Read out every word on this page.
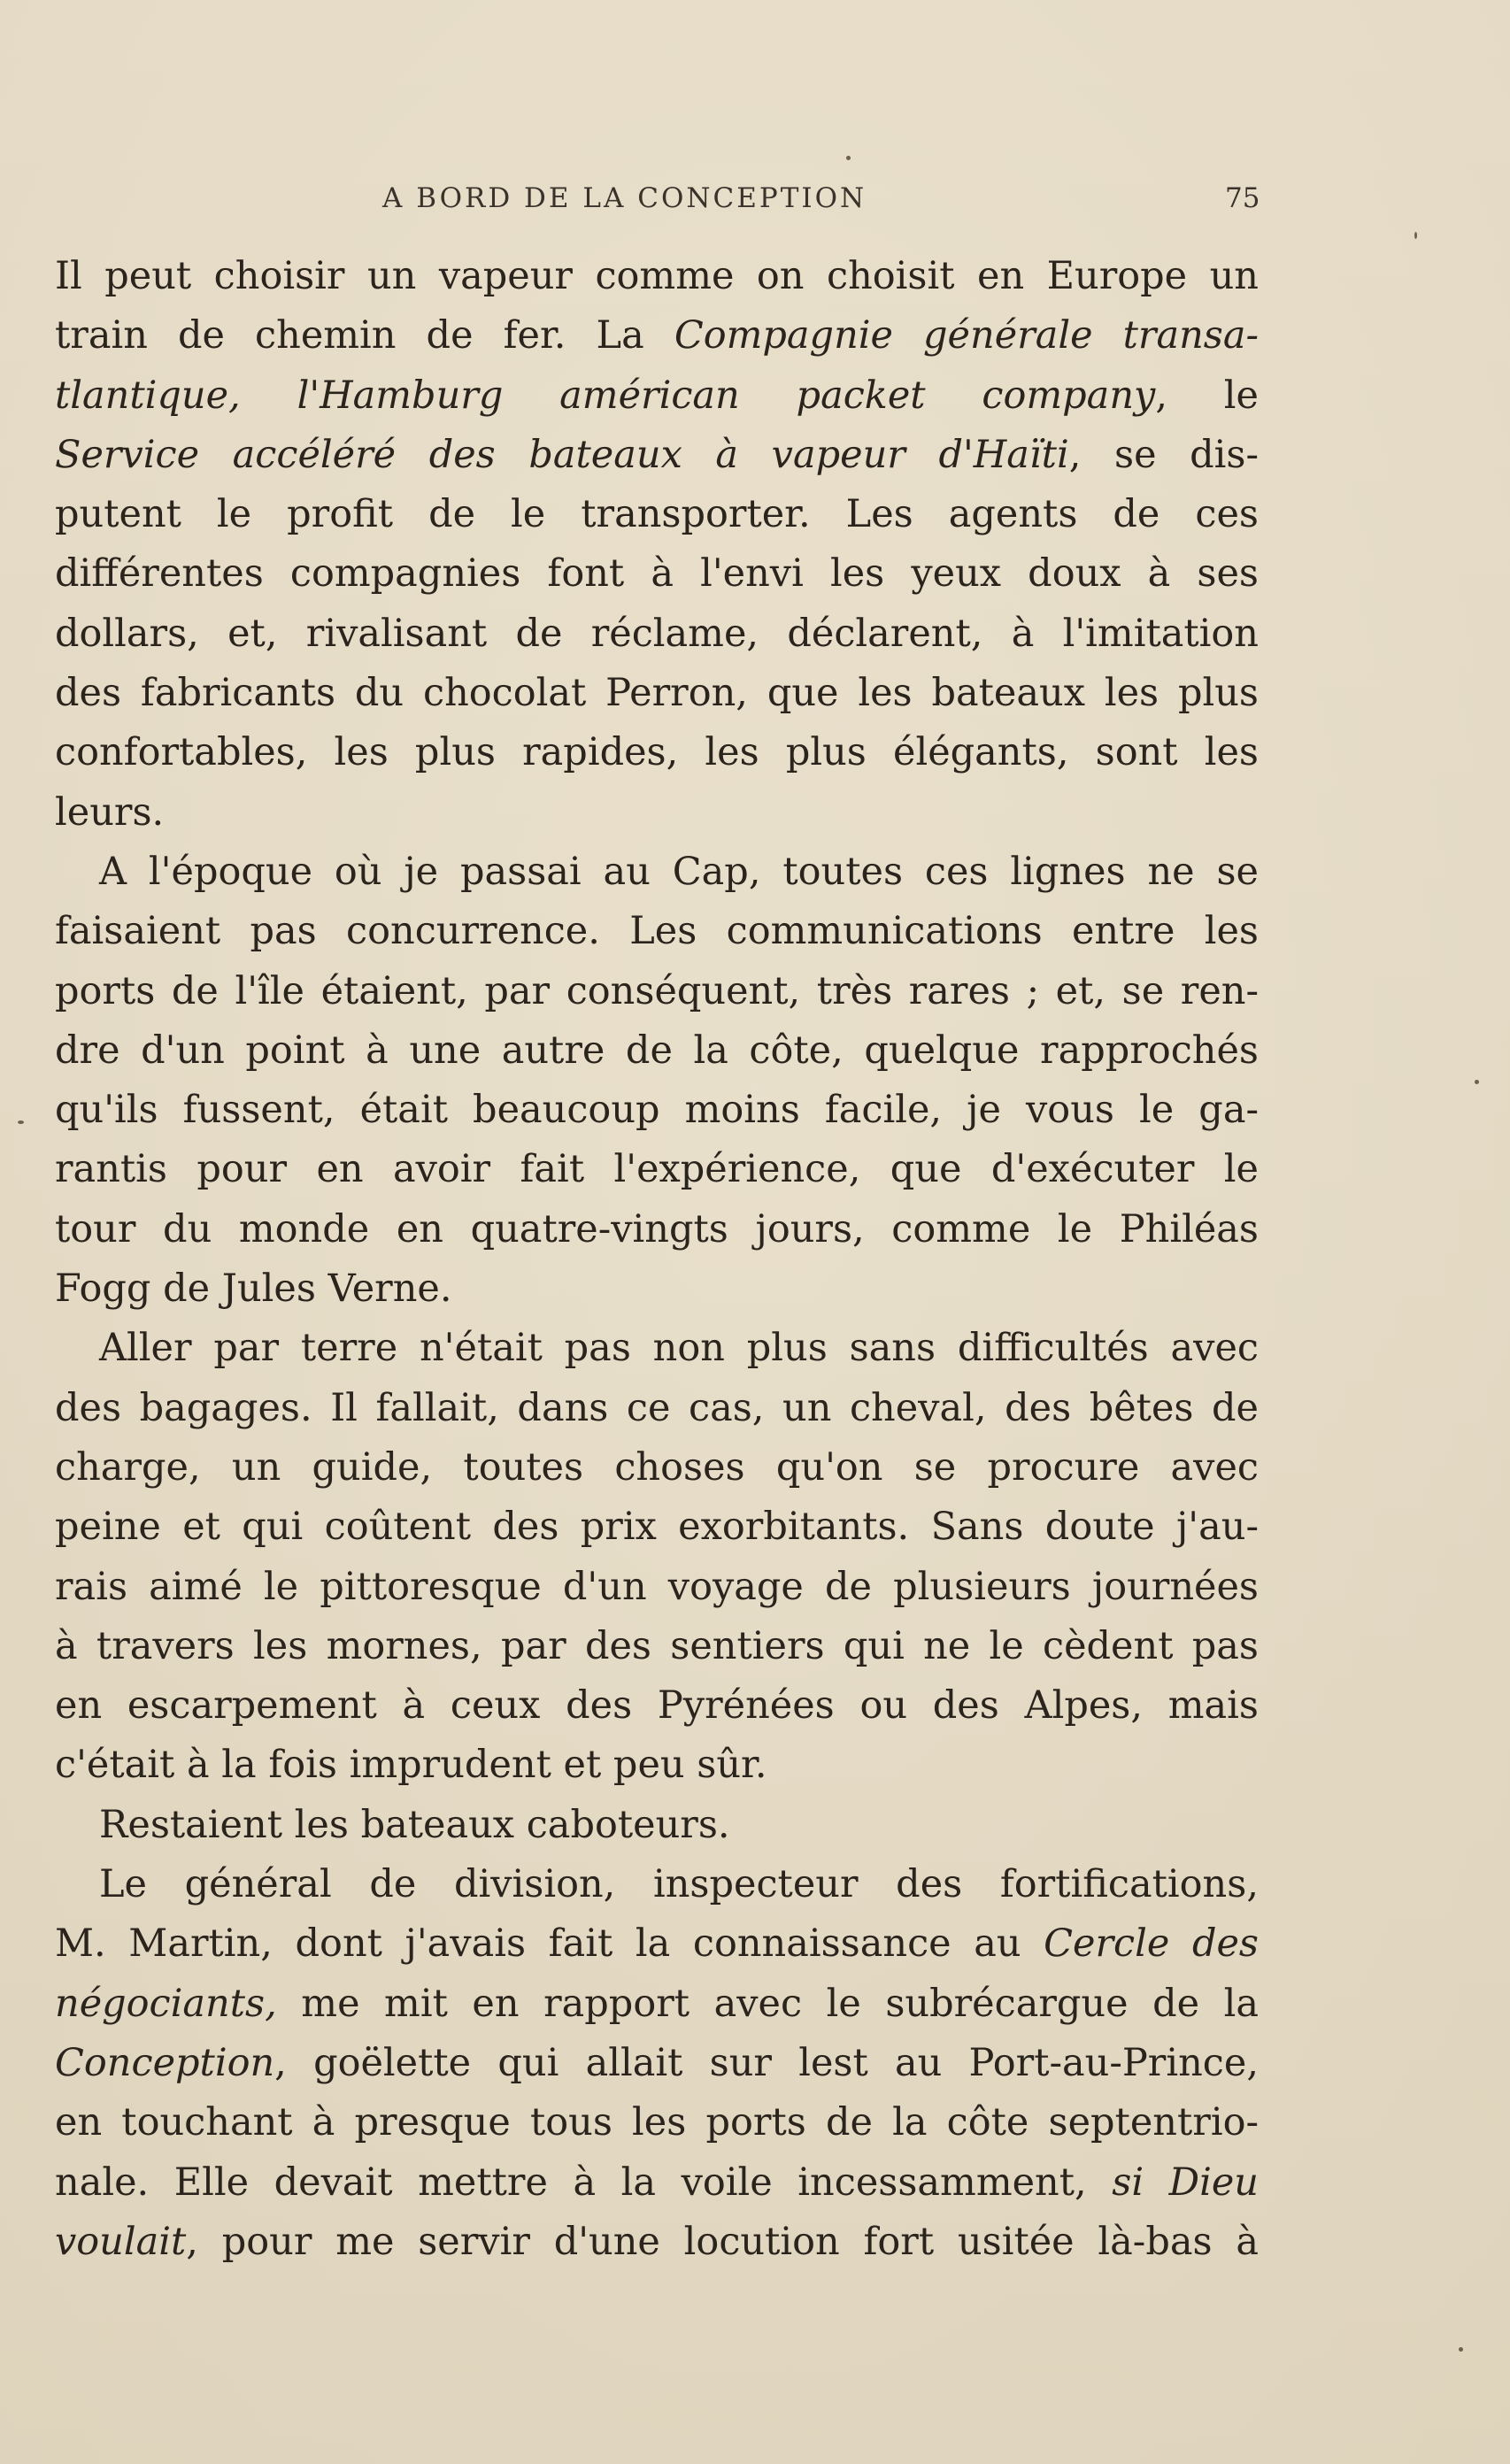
A BORD DE LA CONCEPTION	75
Il peut choisir un vapeur comme on choisit en Europe un
train de chemin de fer. La Compagnie générale transa-
tlantique, l'Hamburg américan packet company, le
Service accéléré des bateaux à vapeur d'Haïti, se dis-
putent le profit de le transporter. Les agents de ces
différentes compagnies font à l'envi les yeux doux à ses
dollars, et, rivalisant de réclame, déclarent, à l'imitation
des fabricants du chocolat Perron, que les bateaux les plus
confortables, les plus rapides, les plus élégants, sont les
leurs.
A l'époque où je passai au Cap, toutes ces lignes ne se
faisaient pas concurrence. Les communications entre les
ports de l'île étaient, par conséquent, très rares ; et, se ren-
dre d'un point à une autre de la côte, quelque rapprochés
qu'ils fussent, était beaucoup moins facile, je vous le ga-
rantis pour en avoir fait l'expérience, que d'exécuter le
tour du monde en quatre-vingts jours, comme le Philéas
Fogg de Jules Verne.
Aller par terre n'était pas non plus sans difficultés avec
des bagages. Il fallait, dans ce cas, un cheval, des bêtes de
charge, un guide, toutes choses qu'on se procure avec
peine et qui coûtent des prix exorbitants. Sans doute j'au-
rais aimé le pittoresque d'un voyage de plusieurs journées
à travers les mornes, par des sentiers qui ne le cèdent pas
en escarpement à ceux des Pyrénées ou des Alpes, mais
c'était à la fois imprudent et peu sûr.
Restaient les bateaux caboteurs.
Le général de division, inspecteur des fortifications,
M. Martin, dont j'avais fait la connaissance au Cercle des
négociants, me mit en rapport avec le subrécargue de la
Conception, goëlette qui allait sur lest au Port-au-Prince,
en touchant à presque tous les ports de la côte septentrio-
nale. Elle devait mettre à la voile incessamment, si Dieu
voulait, pour me servir d'une locution fort usitée là-bas à
